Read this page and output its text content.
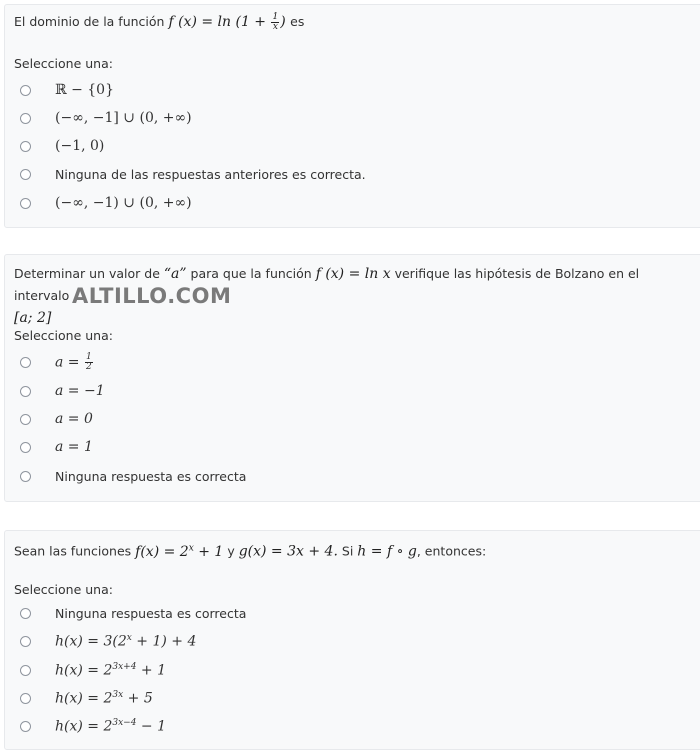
El dominio de la función f $(x) = \ln (1 + \frac{1}{x}$ ) es
Seleccione una:
ℝ − {0}
(−∞, −1] ∪ (0, +∞)
(−1, 0)
Ninguna de las respuestas anteriores es correcta.
(−∞, −1) ∪ (0, +∞)
Determinar un valor de “a” para que la función f (x) = ln x verifique las hipótesis de Bolzano en el intervalo
[a; 2]
ALTILLO.COM
Seleccione una:
$a = \frac{1}{2}$
a = −1
a = 0
a = 1
Ninguna respuesta es correcta
Sean las funciones $f(x) = 2^x + 1$ y g(x) = 3x + 4. Si h = f ∘ g, entonces:
Seleccione una:
Ninguna respuesta es correcta
$h(x) = 3(2^x + 1) + 4$
$h(x) = 2^{3x+4} + 1$
$h(x) = 2^{3x} + 5$
$h(x) = 2^{3x-4} - 1$
